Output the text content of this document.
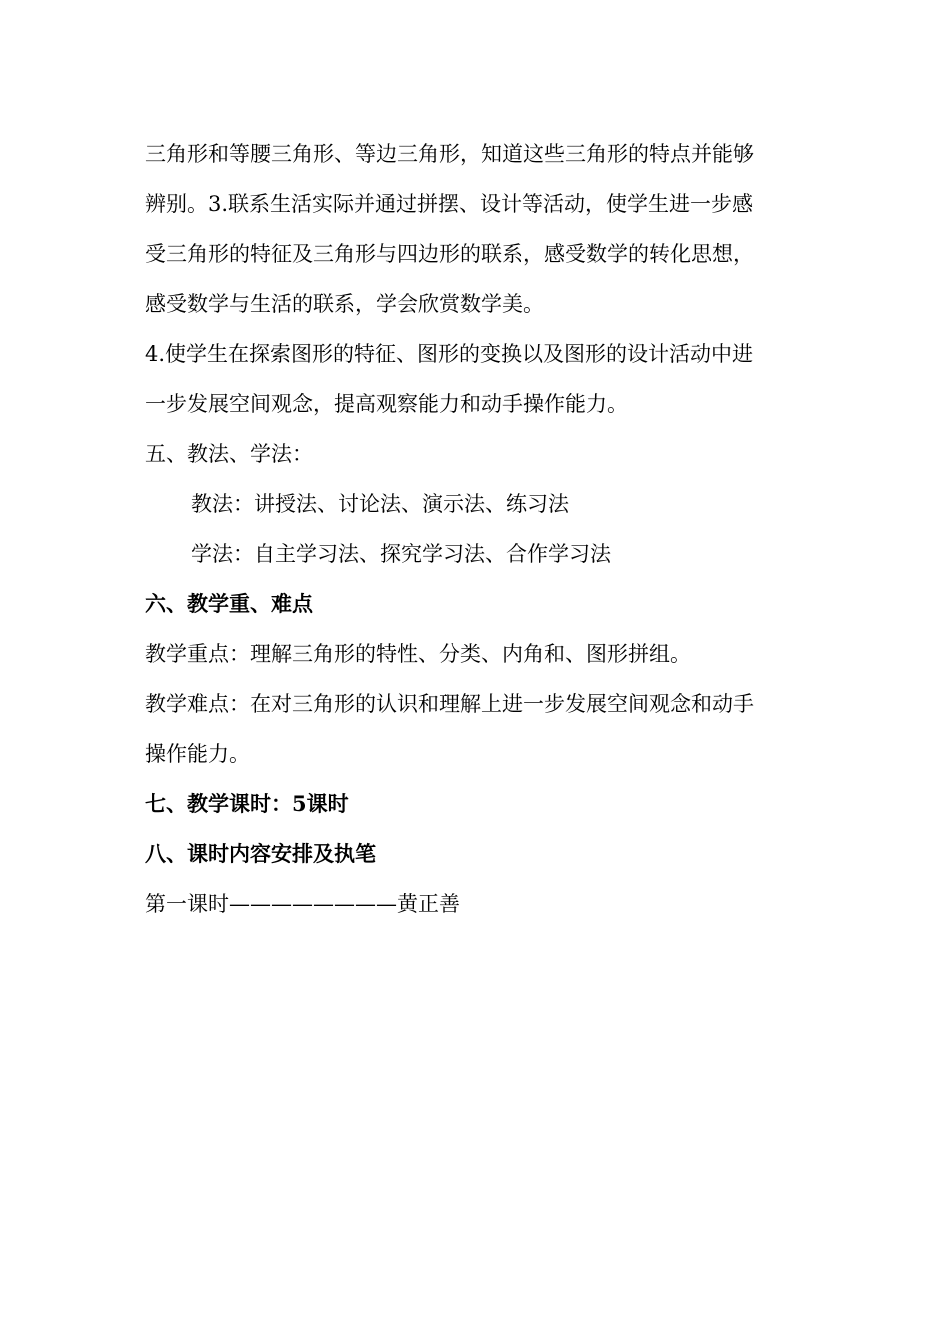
三角形和等腰三角形、等边三角形，知道这些三角形的特点并能够
辨别。3.联系生活实际并通过拼摆、设计等活动，使学生进一步感
受三角形的特征及三角形与四边形的联系，感受数学的转化思想，
感受数学与生活的联系，学会欣赏数学美。
4.使学生在探索图形的特征、图形的变换以及图形的设计活动中进
一步发展空间观念，提高观察能力和动手操作能力。
五、教法、学法：
教法：讲授法、讨论法、演示法、练习法
学法：自主学习法、探究学习法、合作学习法
六、教学重、难点
教学重点：理解三角形的特性、分类、内角和、图形拼组。
教学难点：在对三角形的认识和理解上进一步发展空间观念和动手
操作能力。
七、教学课时：5课时
八、课时内容安排及执笔
第一课时————————黄正善
